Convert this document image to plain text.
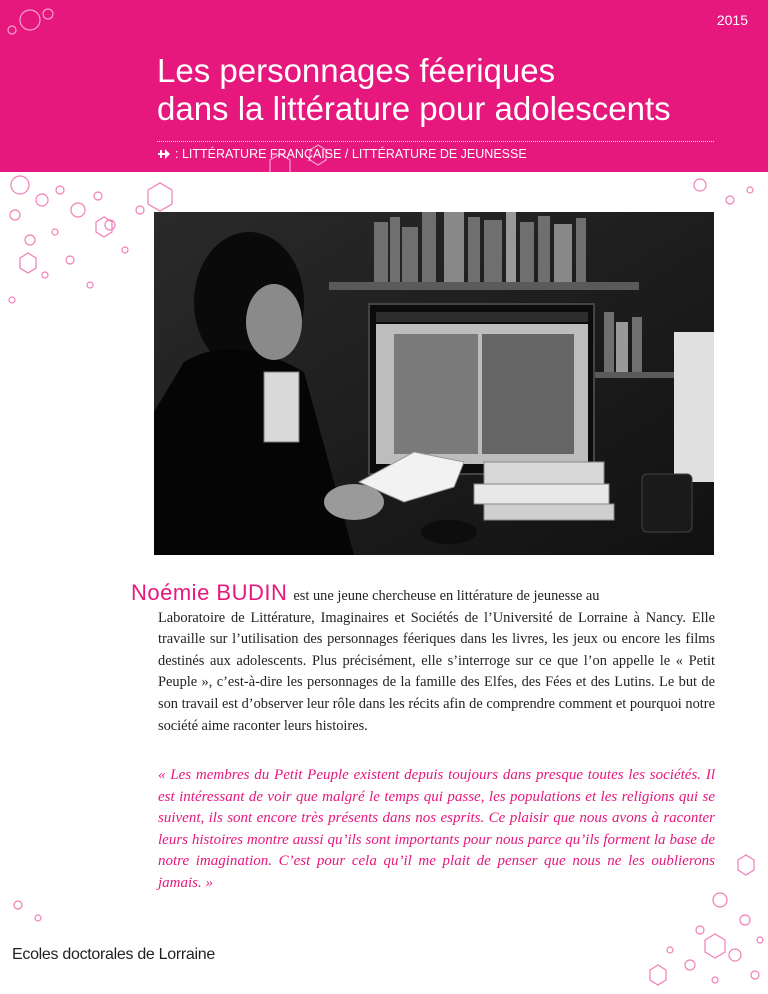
2015
Les personnages féeriques
dans la littérature pour adolescents
: LITTÉRATURE FRANÇAISE / LITTÉRATURE DE JEUNESSE
Noémie BUDIN est une jeune chercheuse en littérature de jeunesse au
Laboratoire de Littérature, Imaginaires et Sociétés de l’Université de Lorraine à Nancy. Elle travaille sur l’utilisation des personnages féeriques dans les livres, les jeux ou encore les films destinés aux adolescents. Plus précisément, elle s’interroge sur ce que l’on appelle le « Petit Peuple », c’est-à-dire les personnages de la famille des Elfes, des Fées et des Lutins. Le but de son travail est d’observer leur rôle dans les récits afin de comprendre comment et pourquoi notre société aime raconter leurs histoires.

« Les membres du Petit Peuple existent depuis toujours dans presque toutes les sociétés. Il est intéressant de voir que malgré le temps qui passe, les populations et les religions qui se suivent, ils sont encore très présents dans nos esprits. Ce plaisir que nous avons à raconter leurs histoires montre aussi qu’ils sont importants pour nous parce qu’ils forment la base de notre imagination. C’est pour cela qu’il me plait de penser que nous ne les oublierons jamais. »

Ecoles doctorales de Lorraine
